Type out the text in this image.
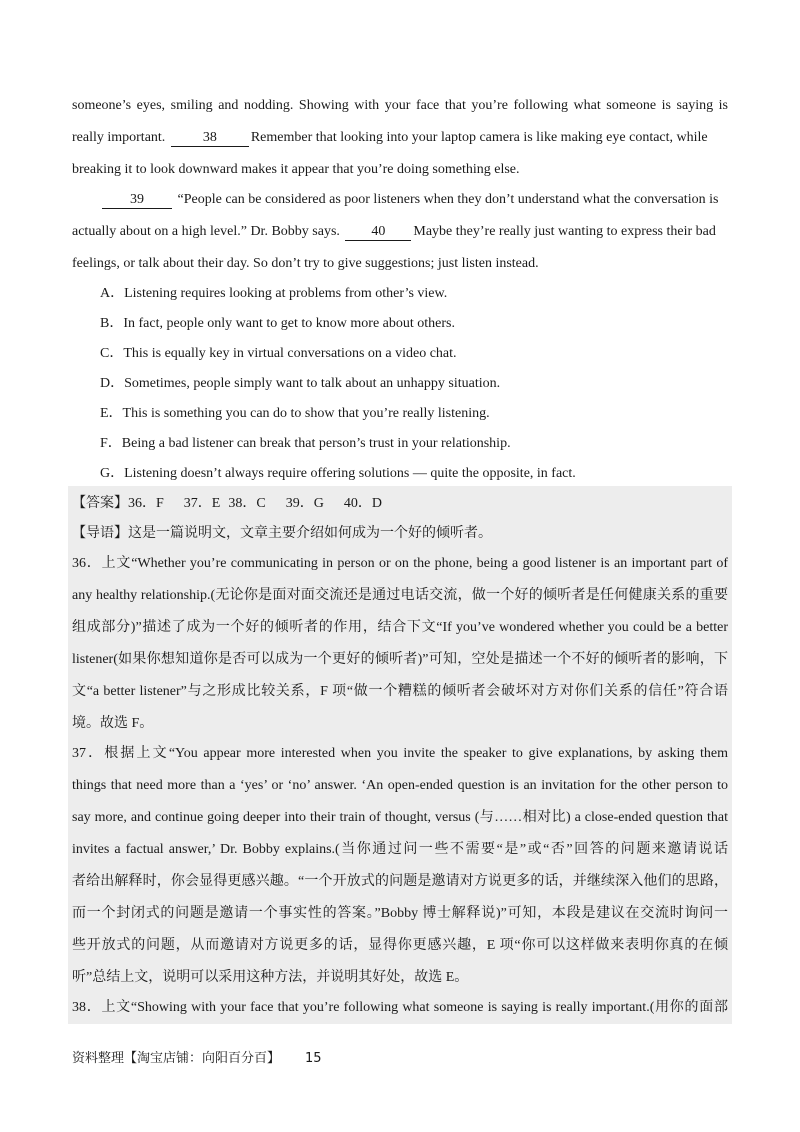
someone’s eyes, smiling and nodding. Showing with your face that you’re following what someone is saying is
really important.	38 Remember that looking into your laptop camera is like making eye contact, while
breaking it to look downward makes it appear that you’re doing something else.
39 “People can be considered as poor listeners when they don’t understand what the conversation is
actually about on a high level.” Dr. Bobby says. 40 Maybe they’re really just wanting to express their bad
feelings, or talk about their day. So don’t try to give suggestions; just listen instead.
A．Listening requires looking at problems from other’s view.
B．In fact, people only want to get to know more about others.
C．This is equally key in virtual conversations on a video chat.
D．Sometimes, people simply want to talk about an unhappy situation.
E．This is something you can do to show that you’re really listening.
F．Being a bad listener can break that person’s trust in your relationship.
G．Listening doesn’t always require offering solutions — quite the opposite, in fact.
【答案】36．F 37．E 38．C 39．G 40．D
【导语】这是一篇说明文，文章主要介绍如何成为一个好的倾听者。
36．上文“Whether you’re communicating in person or on the phone, being a good listener is an important part of
any healthy relationship.(无论你是面对面交流还是通过电话交流，做一个好的倾听者是任何健康关系的重要
组成部分)”描述了成为一个好的倾听者的作用，结合下文“If you’ve wondered whether you could be a better
listener(如果你想知道你是否可以成为一个更好的倾听者)”可知，空处是描述一个不好的倾听者的影响，下
文“a better listener”与之形成比较关系，F 项“做一个糟糕的倾听者会破坏对方对你们关系的信任”符合语
境。故选 F。
37．根据上文“You appear more interested when you invite the speaker to give explanations, by asking them
things that need more than a ‘yes’ or ‘no’ answer. ‘An open-ended question is an invitation for the other person to
say more, and continue going deeper into their train of thought, versus (与……相对比) a close-ended question that
invites a factual answer,’ Dr. Bobby explains.(当你通过问一些不需要“是”或“否”回答的问题来邀请说话
者给出解释时，你会显得更感兴趣。“一个开放式的问题是邀请对方说更多的话，并继续深入他们的思路，
而一个封闭式的问题是邀请一个事实性的答案。”Bobby 博士解释说)”可知，本段是建议在交流时询问一
些开放式的问题，从而邀请对方说更多的话，显得你更感兴趣，E 项“你可以这样做来表明你真的在倾
听”总结上文，说明可以采用这种方法，并说明其好处，故选 E。
38．上文“Showing with your face that you’re following what someone is saying is really important.(用你的面部
资料整理【淘宝店铺：向阳百分百】 15
